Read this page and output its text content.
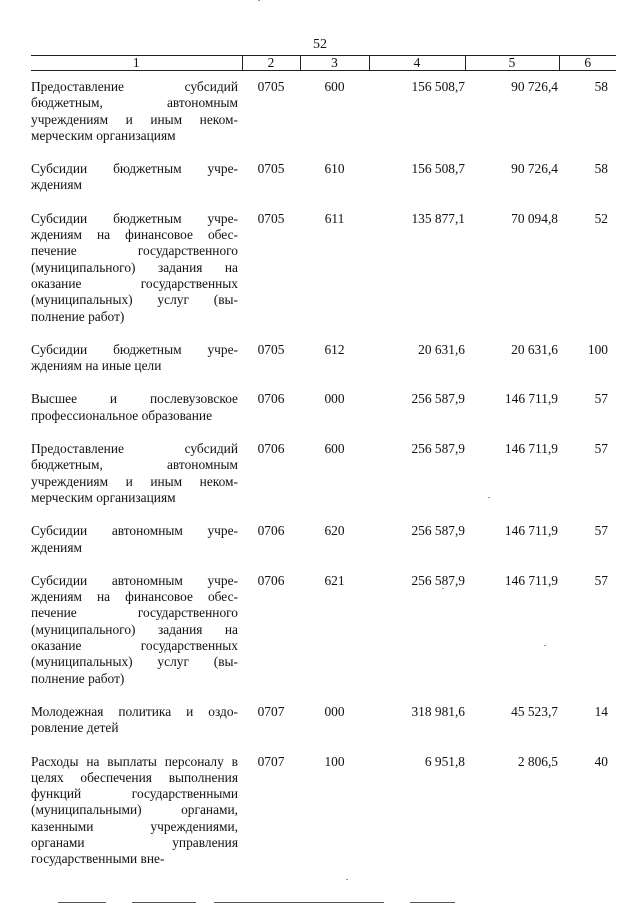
52
1	2	3	4	5	6
Предоставление субсидий бюджетным, автономным учреждениям и иным некоммерческим организациям	0705	600	156 508,7	90 726,4	58
Субсидии бюджетным учреждениям	0705	610	156 508,7	90 726,4	58
Субсидии бюджетным учреждениям на финансовое обеспечение государственного (муниципального) задания на оказание государственных (муниципальных) услуг (выполнение работ)	0705	611	135 877,1	70 094,8	52
Субсидии бюджетным учреждениям на иные цели	0705	612	20 631,6	20 631,6	100
Высшее и послевузовское профессиональное образование	0706	000	256 587,9	146 711,9	57
Предоставление субсидий бюджетным, автономным учреждениям и иным некоммерческим организациям	0706	600	256 587,9	146 711,9	57
Субсидии автономным учреждениям	0706	620	256 587,9	146 711,9	57
Субсидии автономным учреждениям на финансовое обеспечение государственного (муниципального) задания на оказание государственных (муниципальных) услуг (выполнение работ)	0706	621	256 587,9	146 711,9	57
Молодежная политика и оздоровление детей	0707	000	318 981,6	45 523,7	14
Расходы на выплаты персоналу в целях обеспечения выполнения функций государственными (муниципальными) органами, казенными учреждениями, органами управления государственными вне-	0707	100	6 951,8	2 806,5	40
